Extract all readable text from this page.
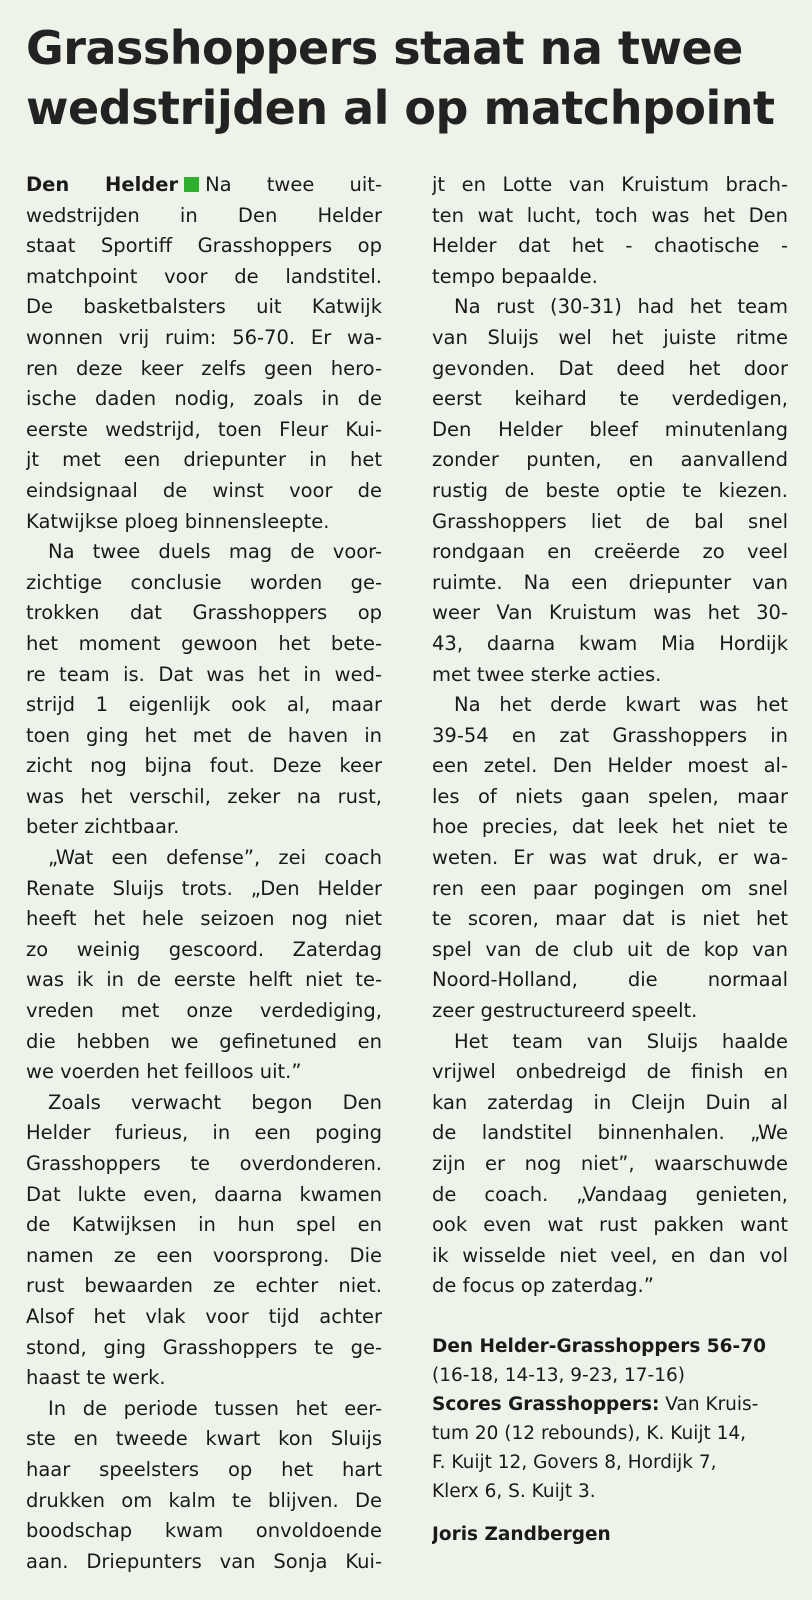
Grasshoppers staat na twee
wedstrijden al op matchpoint

Den Helder Na twee uit-
wedstrijden in Den Helder
staat Sportiff Grasshoppers op
matchpoint voor de landstitel.
De basketbalsters uit Katwijk
wonnen vrij ruim: 56-70. Er wa-
ren deze keer zelfs geen hero-
ische daden nodig, zoals in de
eerste wedstrijd, toen Fleur Kui-
jt met een driepunter in het
eindsignaal de winst voor de
Katwijkse ploeg binnensleepte.

Na twee duels mag de voor-
zichtige conclusie worden ge-
trokken dat Grasshoppers op
het moment gewoon het bete-
re team is. Dat was het in wed-
strijd 1 eigenlijk ook al, maar
toen ging het met de haven in
zicht nog bijna fout. Deze keer
was het verschil, zeker na rust,
beter zichtbaar.

„Wat een defense”, zei coach
Renate Sluijs trots. „Den Helder
heeft het hele seizoen nog niet
zo weinig gescoord. Zaterdag
was ik in de eerste helft niet te-
vreden met onze verdediging,
die hebben we gefinetuned en
we voerden het feilloos uit.”

Zoals verwacht begon Den
Helder furieus, in een poging
Grasshoppers te overdonderen.
Dat lukte even, daarna kwamen
de Katwijksen in hun spel en
namen ze een voorsprong. Die
rust bewaarden ze echter niet.
Alsof het vlak voor tijd achter
stond, ging Grasshoppers te ge-
haast te werk.

In de periode tussen het eer-
ste en tweede kwart kon Sluijs
haar speelsters op het hart
drukken om kalm te blijven. De
boodschap kwam onvoldoende
aan. Driepunters van Sonja Kui-

jt en Lotte van Kruistum brach-
ten wat lucht, toch was het Den
Helder dat het - chaotische -
tempo bepaalde.

Na rust (30-31) had het team
van Sluijs wel het juiste ritme
gevonden. Dat deed het door
eerst keihard te verdedigen,
Den Helder bleef minutenlang
zonder punten, en aanvallend
rustig de beste optie te kiezen.
Grasshoppers liet de bal snel
rondgaan en creëerde zo veel
ruimte. Na een driepunter van
weer Van Kruistum was het 30-
43, daarna kwam Mia Hordijk
met twee sterke acties.

Na het derde kwart was het
39-54 en zat Grasshoppers in
een zetel. Den Helder moest al-
les of niets gaan spelen, maar
hoe precies, dat leek het niet te
weten. Er was wat druk, er wa-
ren een paar pogingen om snel
te scoren, maar dat is niet het
spel van de club uit de kop van
Noord-Holland, die normaal
zeer gestructureerd speelt.

Het team van Sluijs haalde
vrijwel onbedreigd de finish en
kan zaterdag in Cleijn Duin al
de landstitel binnenhalen. „We
zijn er nog niet”, waarschuwde
de coach. „Vandaag genieten,
ook even wat rust pakken want
ik wisselde niet veel, en dan vol
de focus op zaterdag.”

Den Helder-Grasshoppers 56-70
(16-18, 14-13, 9-23, 17-16)
Scores Grasshoppers: Van Kruis-
tum 20 (12 rebounds), K. Kuijt 14,
F. Kuijt 12, Govers 8, Hordijk 7,
Klerx 6, S. Kuijt 3.
Joris Zandbergen
